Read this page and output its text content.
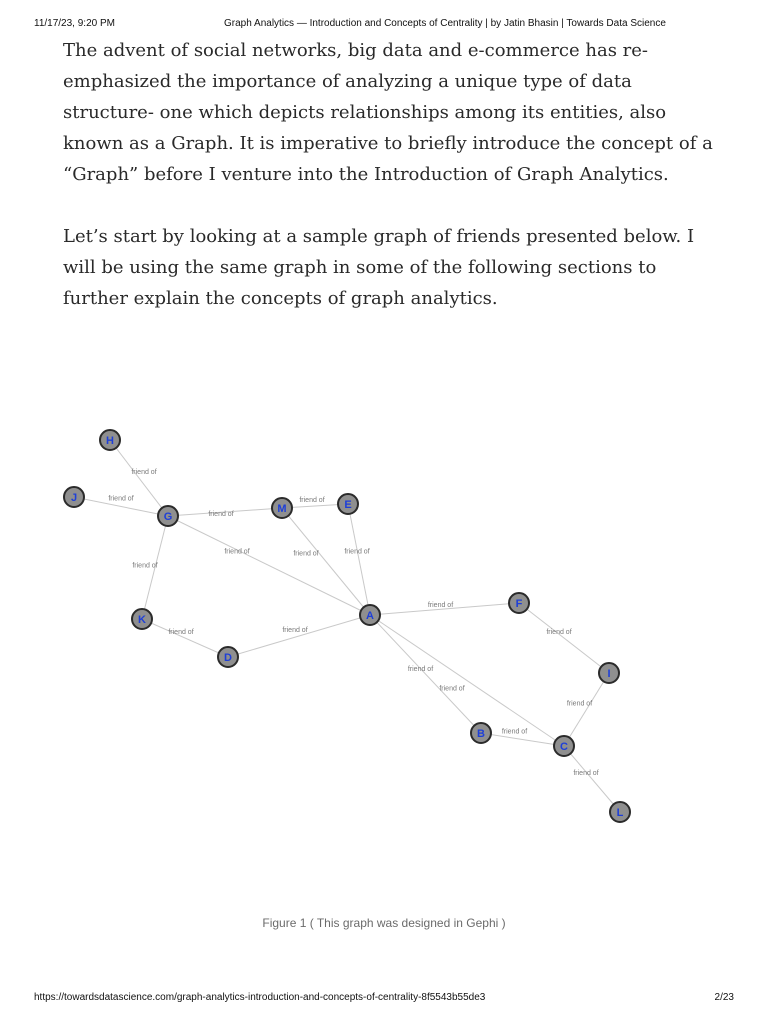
11/17/23, 9:20 PM	Graph Analytics — Introduction and Concepts of Centrality | by Jatin Bhasin | Towards Data Science

The advent of social networks, big data and e-commerce has re-emphasized the importance of analyzing a unique type of data structure- one which depicts relationships among its entities, also known as a Graph. It is imperative to briefly introduce the concept of a “Graph” before I venture into the Introduction of Graph Analytics.

Let’s start by looking at a sample graph of friends presented below. I will be using the same graph in some of the following sections to further explain the concepts of graph analytics.

friend of
friend of
friend of
friend of
friend of
friend of	friend of	friend of
friend of	friend of
friend of
friend of
friend of
friend of
friend of
friend of
friend of
H
J
G
M	E
K
D
A
F
I
B
C
L
Figure 1 ( This graph was designed in Gephi )
https://towardsdatascience.com/graph-analytics-introduction-and-concepts-of-centrality-8f5543b55de3	2/23
